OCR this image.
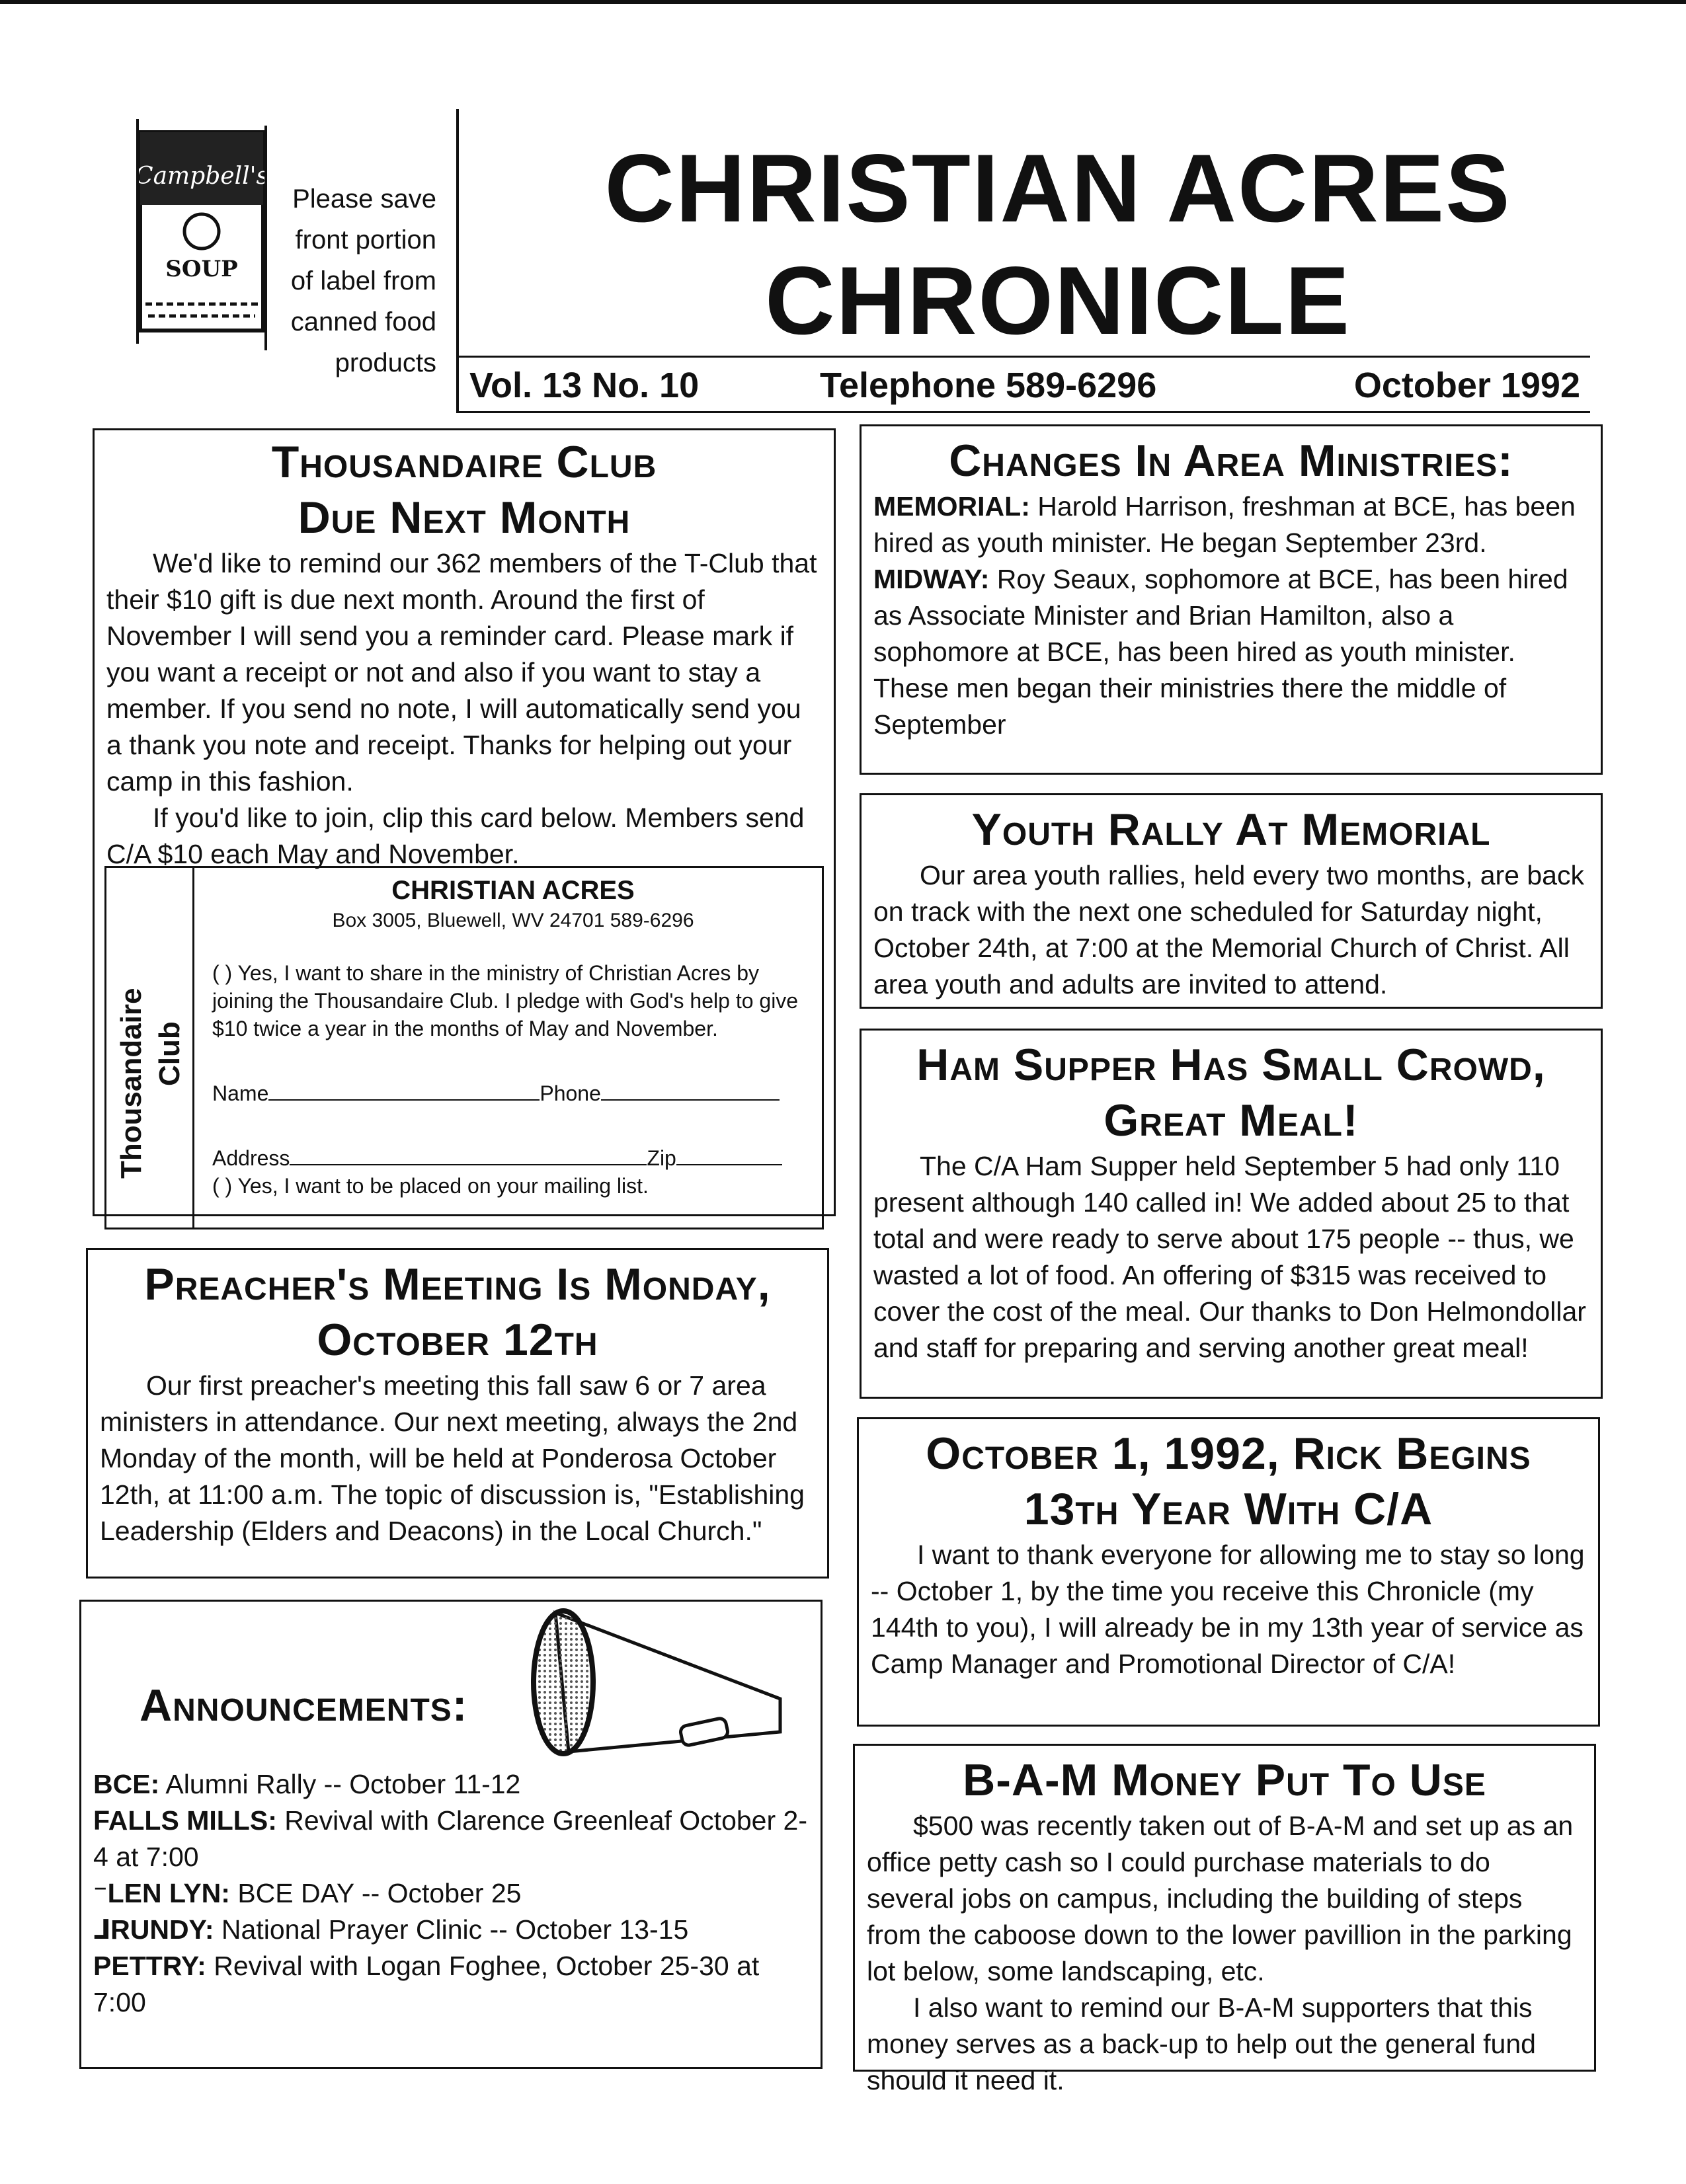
Campbell's
SOUP
Please save
front portion
of label from
canned food
products
CHRISTIAN ACRES
CHRONICLE
Vol. 13 No. 10	Telephone 589-6296	October 1992
Thousandaire Club
Due Next Month

We'd like to remind our 362 members of the T-Club that their $10 gift is due next month. Around the first of November I will send you a reminder card. Please mark if you want a receipt or not and also if you want to stay a member. If you send no note, I will automatically send you a thank you note and receipt. Thanks for helping out your camp in this fashion.

If you'd like to join, clip this card below. Members send C/A $10 each May and November.

Thousandaire Club
CHRISTIAN ACRES
Box 3005, Bluewell, WV 24701 589-6296
( ) Yes, I want to share in the ministry of Christian Acres by joining the Thousandaire Club. I pledge with God's help to give $10 twice a year in the months of May and November.
Name	Phone
Address	Zip
( ) Yes, I want to be placed on your mailing list.
Preacher's Meeting Is Monday,
October 12th

Our first preacher's meeting this fall saw 6 or 7 area ministers in attendance. Our next meeting, always the 2nd Monday of the month, will be held at Ponderosa October 12th, at 11:00 a.m. The topic of discussion is, "Establishing Leadership (Elders and Deacons) in the Local Church."

Announcements:

BCE: Alumni Rally -- October 11-12

FALLS MILLS: Revival with Clarence Greenleaf October 2-4 at 7:00

⁻LEN LYN: BCE DAY -- October 25

⅃RUNDY: National Prayer Clinic -- October 13-15

PETTRY: Revival with Logan Foghee, October 25-30 at 7:00

Changes In Area Ministries:

MEMORIAL: Harold Harrison, freshman at BCE, has been hired as youth minister. He began September 23rd.

MIDWAY: Roy Seaux, sophomore at BCE, has been hired as Associate Minister and Brian Hamilton, also a sophomore at BCE, has been hired as youth minister. These men began their ministries there the middle of September

Youth Rally At Memorial

Our area youth rallies, held every two months, are back on track with the next one scheduled for Saturday night, October 24th, at 7:00 at the Memorial Church of Christ. All area youth and adults are invited to attend.

Ham Supper Has Small Crowd,
Great Meal!

The C/A Ham Supper held September 5 had only 110 present although 140 called in! We added about 25 to that total and were ready to serve about 175 people -- thus, we wasted a lot of food. An offering of $315 was received to cover the cost of the meal. Our thanks to Don Helmondollar and staff for preparing and serving another great meal!

October 1, 1992, Rick Begins
13th Year With C/A

I want to thank everyone for allowing me to stay so long -- October 1, by the time you receive this Chronicle (my 144th to you), I will already be in my 13th year of service as Camp Manager and Promotional Director of C/A!

B-A-M Money Put To Use

$500 was recently taken out of B-A-M and set up as an office petty cash so I could purchase materials to do several jobs on campus, including the building of steps from the caboose down to the lower pavillion in the parking lot below, some landscaping, etc.

I also want to remind our B-A-M supporters that this money serves as a back-up to help out the general fund should it need it.
